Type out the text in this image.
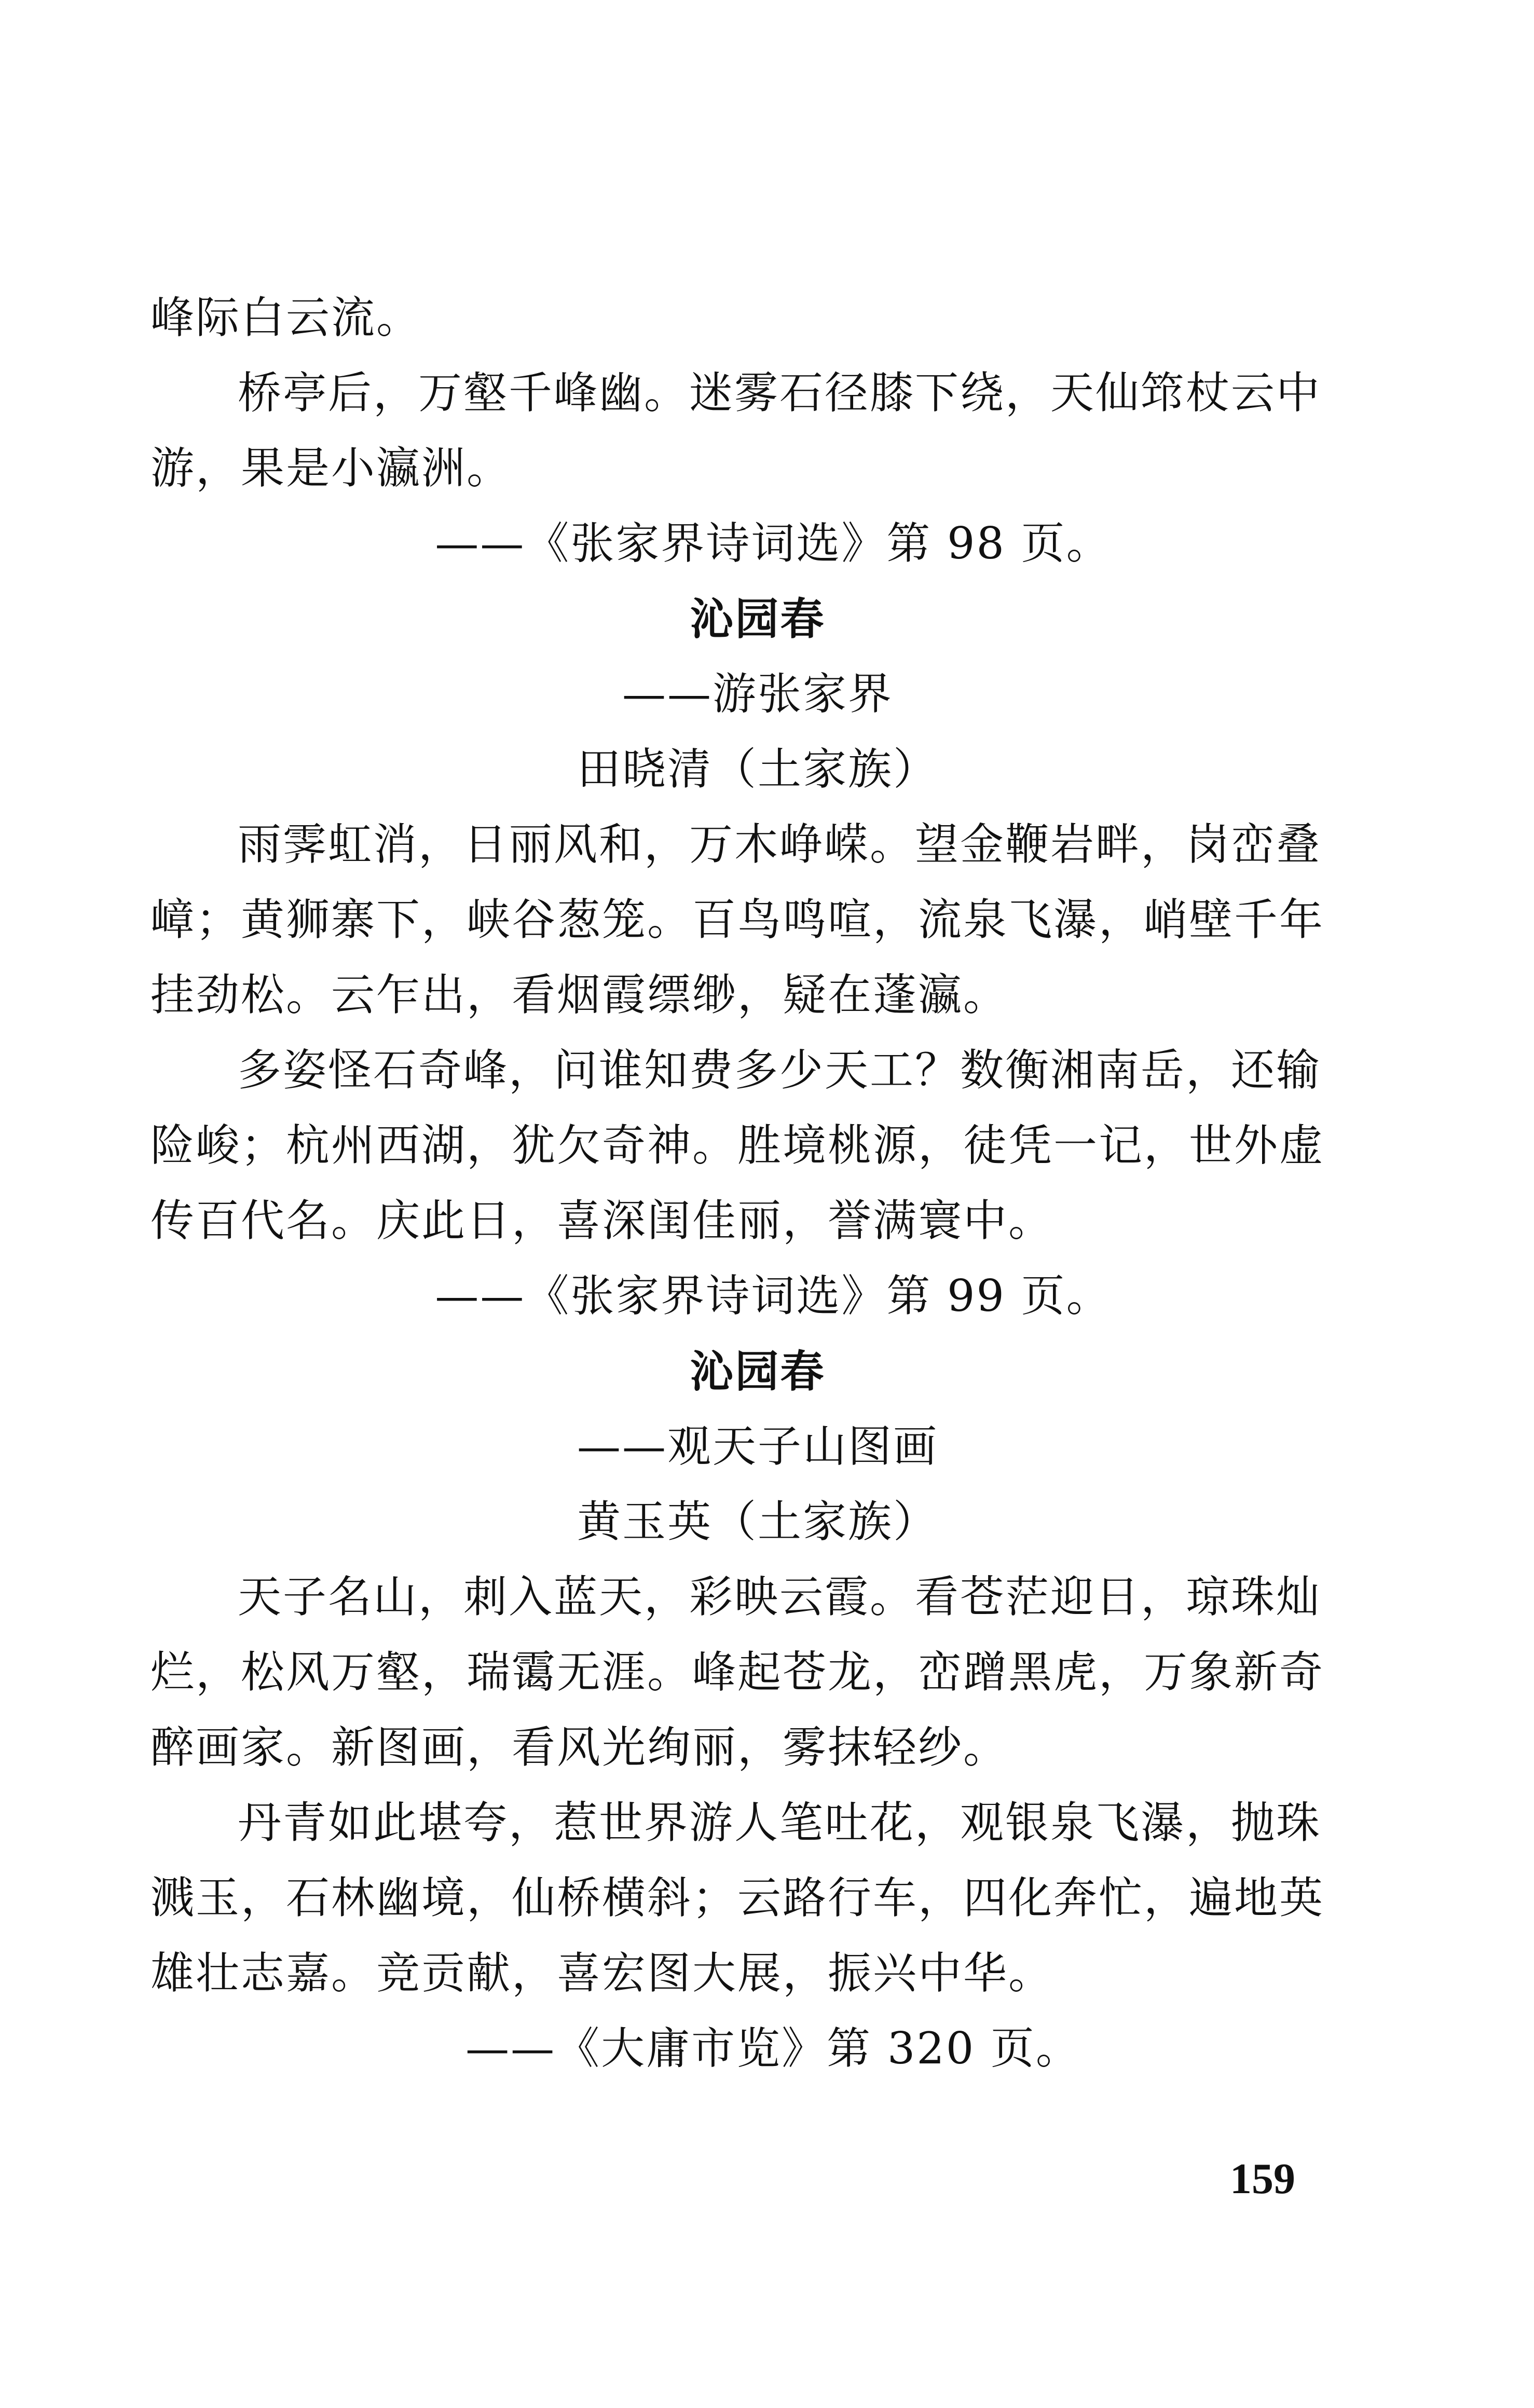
峰际白云流。

桥亭后，万壑千峰幽。迷雾石径膝下绕，天仙筇杖云中游，果是小瀛洲。

——《张家界诗词选》第 98 页。

沁园春

——游张家界

田晓清（土家族）

雨霁虹消，日丽风和，万木峥嵘。望金鞭岩畔，岗峦叠嶂；黄狮寨下，峡谷葱笼。百鸟鸣喧，流泉飞瀑，峭壁千年挂劲松。云乍出，看烟霞缥缈，疑在蓬瀛。

多姿怪石奇峰，问谁知费多少天工？数衡湘南岳，还输险峻；杭州西湖，犹欠奇神。胜境桃源，徒凭一记，世外虚传百代名。庆此日，喜深闺佳丽，誉满寰中。

——《张家界诗词选》第 99 页。

沁园春

——观天子山图画

黄玉英（土家族）

天子名山，刺入蓝天，彩映云霞。看苍茫迎日，琼珠灿烂，松风万壑，瑞霭无涯。峰起苍龙，峦蹭黑虎，万象新奇醉画家。新图画，看风光绚丽，雾抹轻纱。

丹青如此堪夸，惹世界游人笔吐花，观银泉飞瀑，抛珠溅玉，石林幽境，仙桥横斜；云路行车，四化奔忙，遍地英雄壮志嘉。竞贡献，喜宏图大展，振兴中华。

——《大庸市览》第 320 页。

159
